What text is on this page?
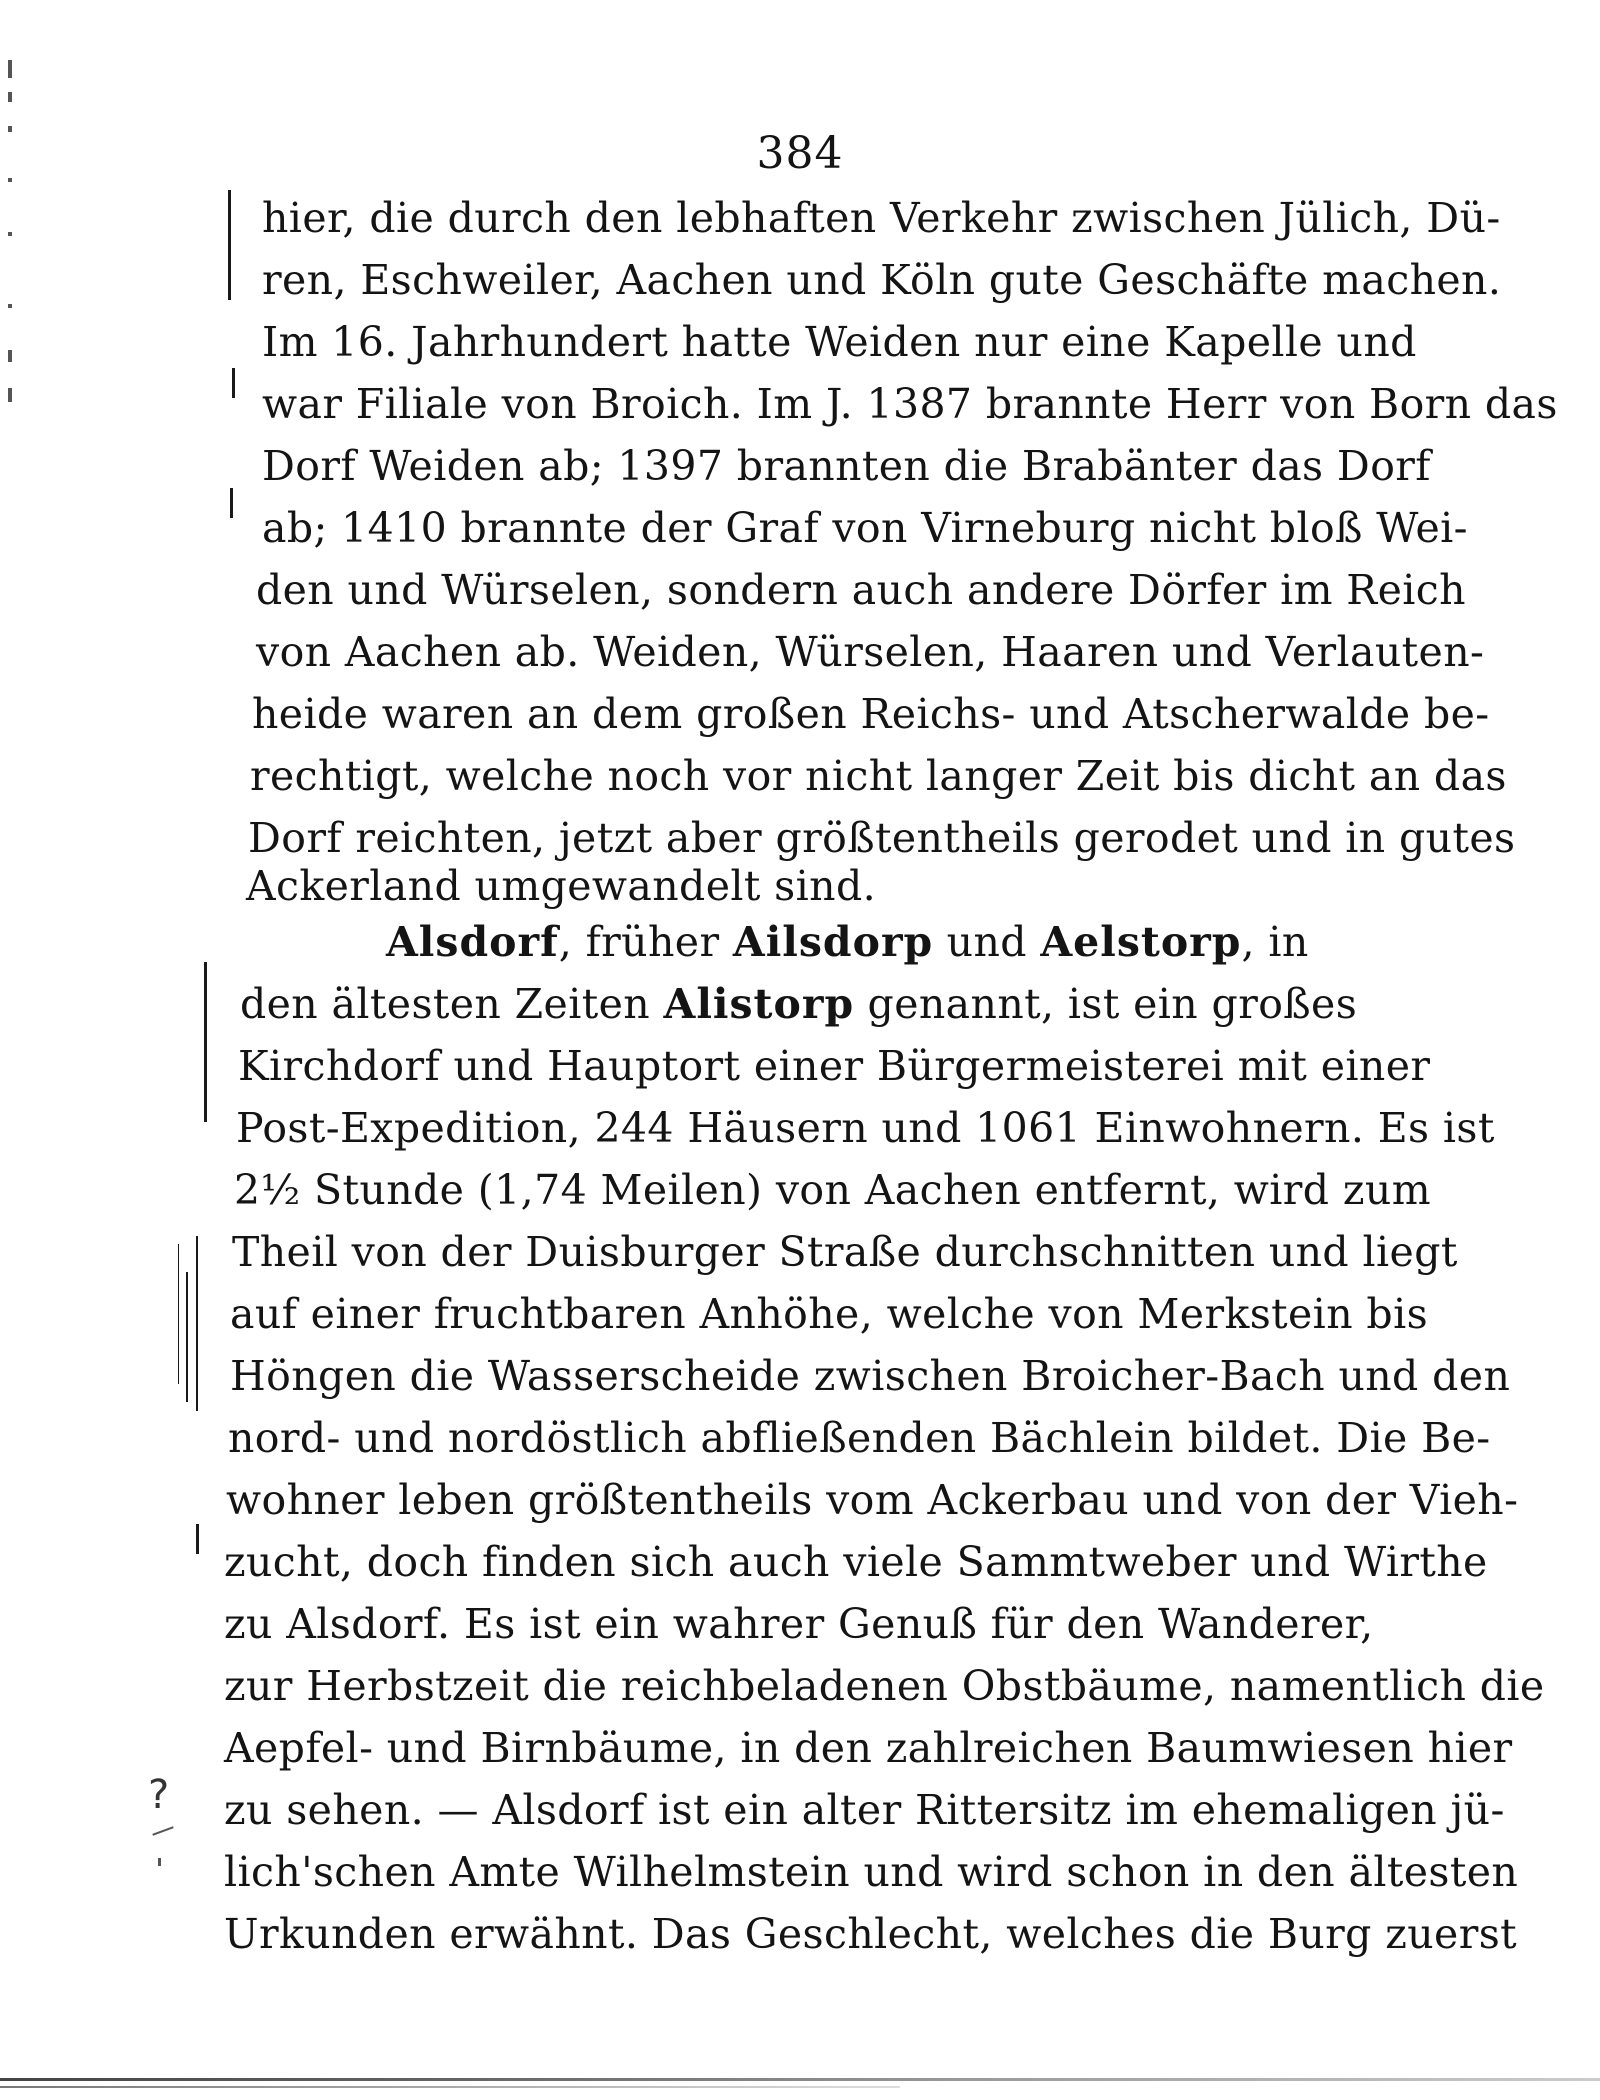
384
hier, die durch den lebhaften Verkehr zwischen Jülich, Dü-
ren, Eschweiler, Aachen und Köln gute Geschäfte machen.
Im 16. Jahrhundert hatte Weiden nur eine Kapelle und
war Filiale von Broich. Im J. 1387 brannte Herr von Born das
Dorf Weiden ab; 1397 brannten die Brabänter das Dorf
ab; 1410 brannte der Graf von Virneburg nicht bloß Wei-
den und Würselen, sondern auch andere Dörfer im Reich
von Aachen ab. Weiden, Würselen, Haaren und Verlauten-
heide waren an dem großen Reichs- und Atscherwalde be-
rechtigt, welche noch vor nicht langer Zeit bis dicht an das
Dorf reichten, jetzt aber größtentheils gerodet und in gutes
Ackerland umgewandelt sind.
Alsdorf, früher Ailsdorp und Aelstorp, in
den ältesten Zeiten Alistorp genannt, ist ein großes
Kirchdorf und Hauptort einer Bürgermeisterei mit einer
Post-Expedition, 244 Häusern und 1061 Einwohnern. Es ist
2½ Stunde (1,74 Meilen) von Aachen entfernt, wird zum
Theil von der Duisburger Straße durchschnitten und liegt
auf einer fruchtbaren Anhöhe, welche von Merkstein bis
Höngen die Wasserscheide zwischen Broicher-Bach und den
nord- und nordöstlich abfließenden Bächlein bildet. Die Be-
wohner leben größtentheils vom Ackerbau und von der Vieh-
zucht, doch finden sich auch viele Sammtweber und Wirthe
zu Alsdorf. Es ist ein wahrer Genuß für den Wanderer,
zur Herbstzeit die reichbeladenen Obstbäume, namentlich die
Aepfel- und Birnbäume, in den zahlreichen Baumwiesen hier
zu sehen. — Alsdorf ist ein alter Rittersitz im ehemaligen jü-
lich'schen Amte Wilhelmstein und wird schon in den ältesten
Urkunden erwähnt. Das Geschlecht, welches die Burg zuerst
?
